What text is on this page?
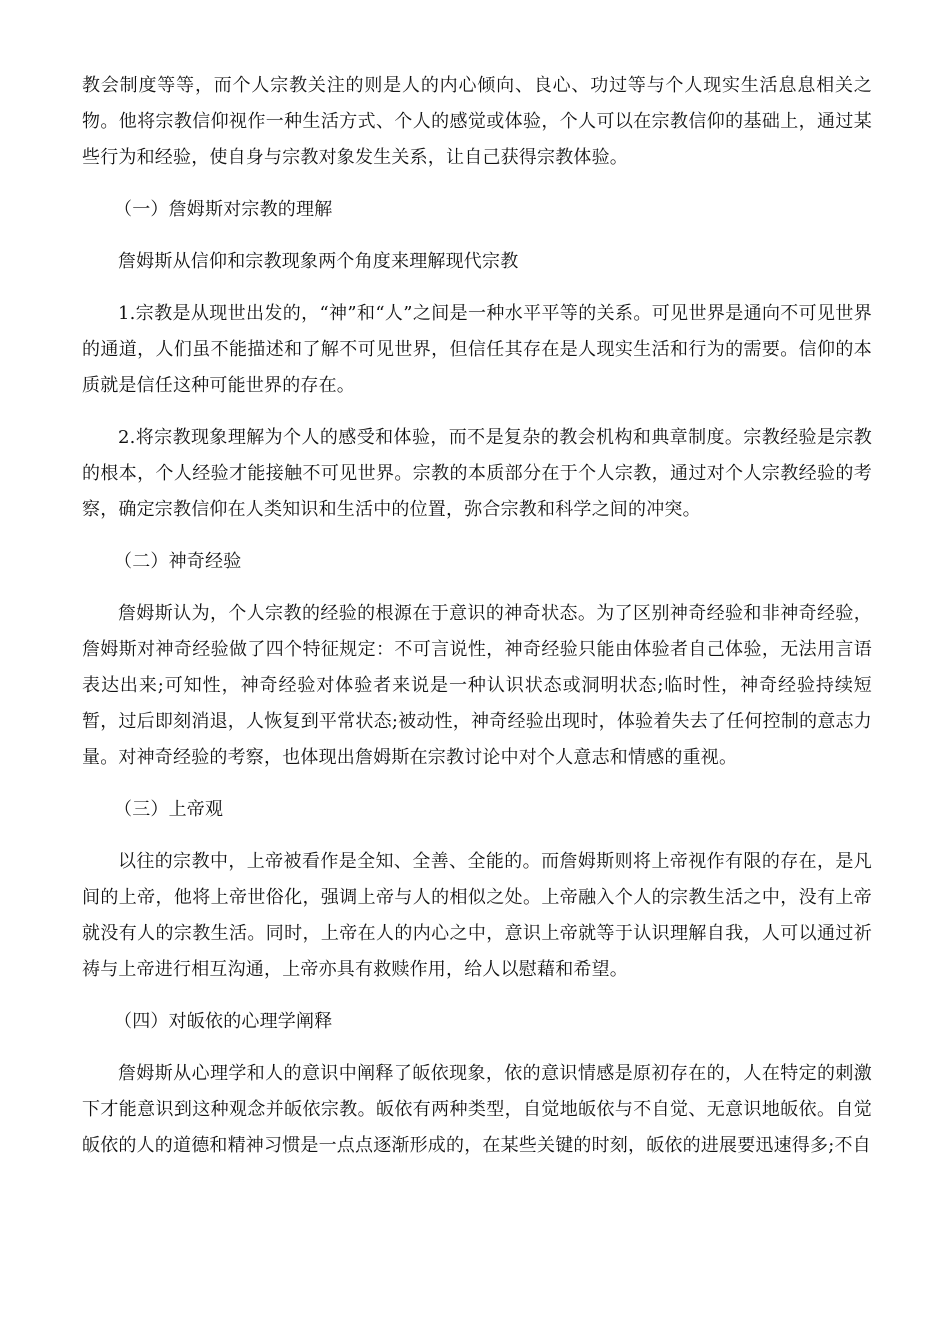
教会制度等等，而个人宗教关注的则是人的内心倾向、良心、功过等与个人现实生活息息相关之物。他将宗教信仰视作一种生活方式、个人的感觉或体验，个人可以在宗教信仰的基础上，通过某些行为和经验，使自身与宗教对象发生关系，让自己获得宗教体验。

（一）詹姆斯对宗教的理解

詹姆斯从信仰和宗教现象两个角度来理解现代宗教

1.宗教是从现世出发的，“神”和“人”之间是一种水平平等的关系。可见世界是通向不可见世界的通道，人们虽不能描述和了解不可见世界，但信任其存在是人现实生活和行为的需要。信仰的本质就是信任这种可能世界的存在。

2.将宗教现象理解为个人的感受和体验，而不是复杂的教会机构和典章制度。宗教经验是宗教的根本，个人经验才能接触不可见世界。宗教的本质部分在于个人宗教，通过对个人宗教经验的考察，确定宗教信仰在人类知识和生活中的位置，弥合宗教和科学之间的冲突。

（二）神奇经验

詹姆斯认为，个人宗教的经验的根源在于意识的神奇状态。为了区别神奇经验和非神奇经验，詹姆斯对神奇经验做了四个特征规定：不可言说性，神奇经验只能由体验者自己体验，无法用言语表达出来;可知性，神奇经验对体验者来说是一种认识状态或洞明状态;临时性，神奇经验持续短暂，过后即刻消退，人恢复到平常状态;被动性，神奇经验出现时，体验着失去了任何控制的意志力量。对神奇经验的考察，也体现出詹姆斯在宗教讨论中对个人意志和情感的重视。

（三）上帝观

以往的宗教中，上帝被看作是全知、全善、全能的。而詹姆斯则将上帝视作有限的存在，是凡间的上帝，他将上帝世俗化，强调上帝与人的相似之处。上帝融入个人的宗教生活之中，没有上帝就没有人的宗教生活。同时，上帝在人的内心之中，意识上帝就等于认识理解自我，人可以通过祈祷与上帝进行相互沟通，上帝亦具有救赎作用，给人以慰藉和希望。

（四）对皈依的心理学阐释

詹姆斯从心理学和人的意识中阐释了皈依现象，依的意识情感是原初存在的，人在特定的刺激下才能意识到这种观念并皈依宗教。皈依有两种类型，自觉地皈依与不自觉、无意识地皈依。自觉皈依的人的道德和精神习惯是一点点逐渐形成的，在某些关键的时刻，皈依的进展要迅速得多;不自
